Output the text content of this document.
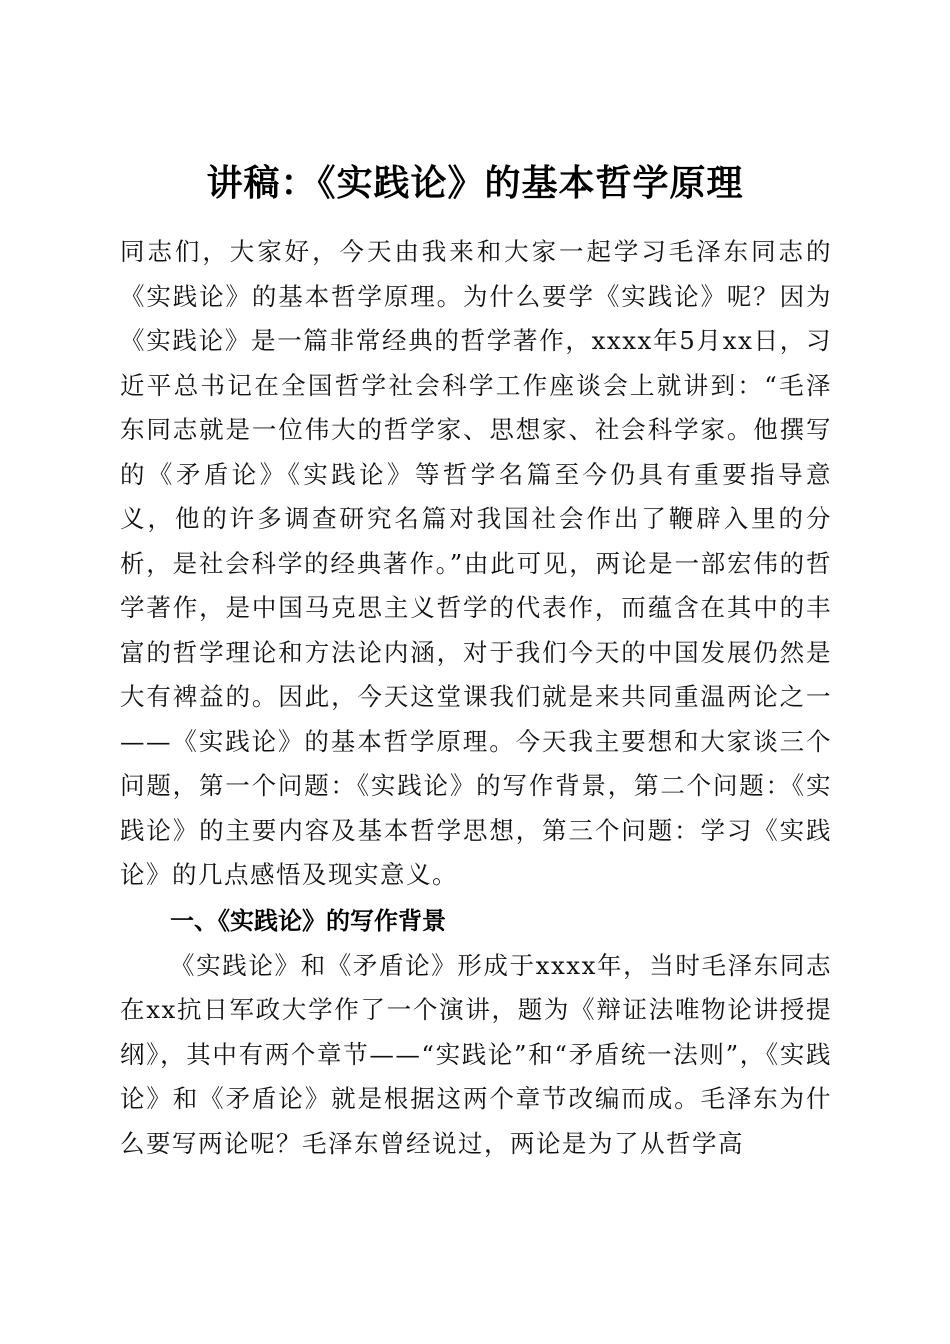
讲稿：《实践论》的基本哲学原理

同志们，大家好，今天由我来和大家一起学习毛泽东同志的《实践论》的基本哲学原理。为什么要学《实践论》呢？因为《实践论》是一篇非常经典的哲学著作，xxxx年5月xx日，习近平总书记在全国哲学社会科学工作座谈会上就讲到：“毛泽东同志就是一位伟大的哲学家、思想家、社会科学家。他撰写的《矛盾论》《实践论》等哲学名篇至今仍具有重要指导意义，他的许多调查研究名篇对我国社会作出了鞭辟入里的分析，是社会科学的经典著作。”由此可见，两论是一部宏伟的哲学著作，是中国马克思主义哲学的代表作，而蕴含在其中的丰富的哲学理论和方法论内涵，对于我们今天的中国发展仍然是大有裨益的。因此，今天这堂课我们就是来共同重温两论之一——《实践论》的基本哲学原理。今天我主要想和大家谈三个问题，第一个问题：《实践论》的写作背景，第二个问题：《实践论》的主要内容及基本哲学思想，第三个问题：学习《实践论》的几点感悟及现实意义。

一、《实践论》的写作背景

《实践论》和《矛盾论》形成于xxxx年，当时毛泽东同志在xx抗日军政大学作了一个演讲，题为《辩证法唯物论讲授提纲》，其中有两个章节——“实践论”和“矛盾统一法则”，《实践论》和《矛盾论》就是根据这两个章节改编而成。毛泽东为什么要写两论呢？毛泽东曾经说过，两论是为了从哲学高
